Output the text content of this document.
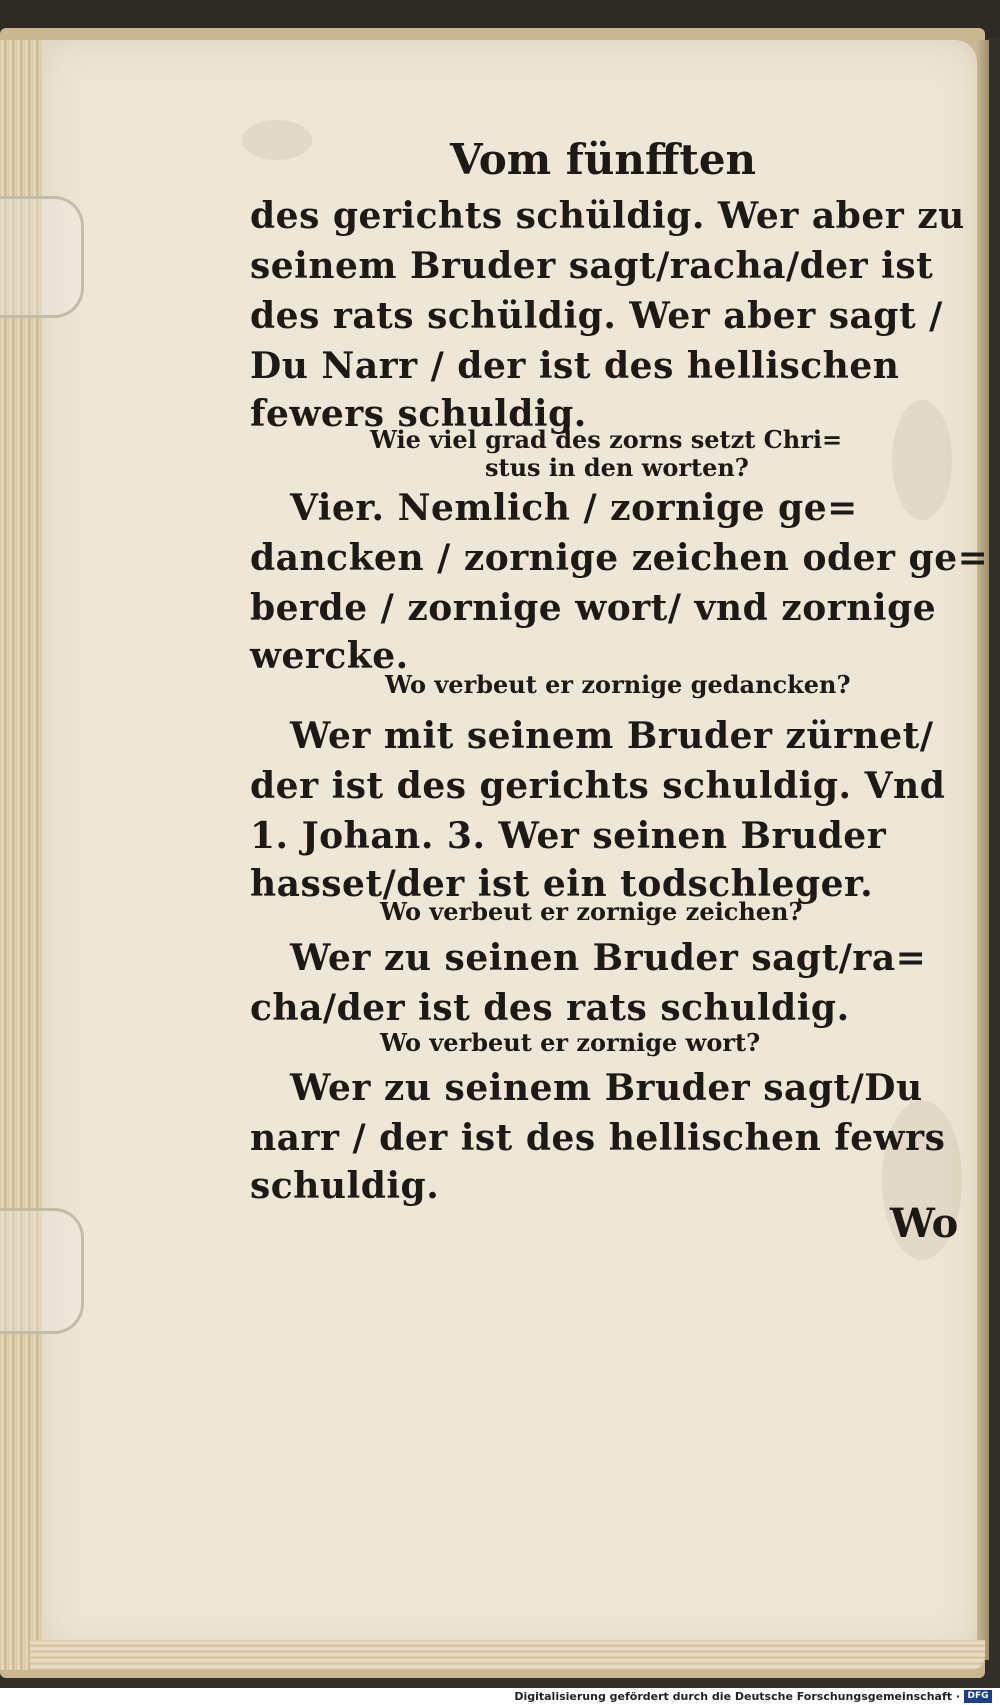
Vom fünfften
des gerichts schüldig. Wer aber zu
seinem Bruder sagt/racha/der ist
des rats schüldig. Wer aber sagt /
Du Narr / der ist des hellischen
fewers schuldig.
Wie viel grad des zorns setzt Chri=
stus in den worten?
Vier. Nemlich / zornige ge=
dancken / zornige zeichen oder ge=
berde / zornige wort/ vnd zornige
wercke.
Wo verbeut er zornige gedancken?
Wer mit seinem Bruder zürnet/
der ist des gerichts schuldig. Vnd
1. Johan. 3. Wer seinen Bruder
hasset/der ist ein todschleger.
Wo verbeut er zornige zeichen?
Wer zu seinen Bruder sagt/ra=
cha/der ist des rats schuldig.
Wo verbeut er zornige wort?
Wer zu seinem Bruder sagt/Du
narr / der ist des hellischen fewrs
schuldig.
Wo
Digitalisierung gefördert durch die Deutsche Forschungsgemeinschaft · DFG
